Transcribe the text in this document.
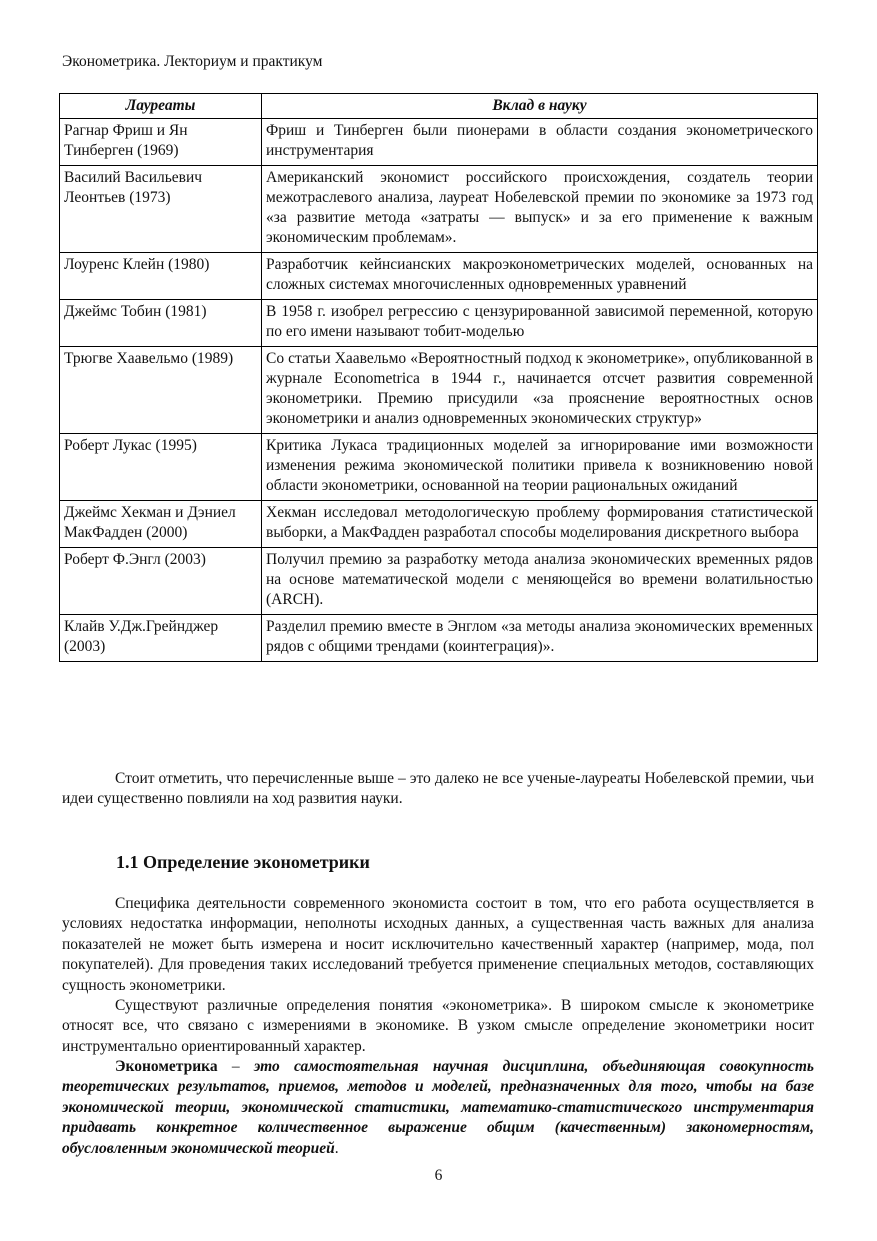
Эконометрика. Лекториум и практикум
Лауреаты	Вклад в науку
Рагнар Фриш и Ян Тинберген (1969)	Фриш и Тинберген были пионерами в области создания эконометрического инструментария
Василий Васильевич Леонтьев (1973)	Американский экономист российского происхождения, создатель теории межотраслевого анализа, лауреат Нобелевской премии по экономике за 1973 год «за развитие метода «затраты — выпуск» и за его применение к важным экономическим проблемам».
Лоуренс Клейн (1980)	Разработчик кейнсианских макроэконометрических моделей, основанных на сложных системах многочисленных одновременных уравнений
Джеймс Тобин (1981)	В 1958 г. изобрел регрессию с цензурированной зависимой переменной, которую по его имени называют тобит-моделью
Трюгве Хаавельмо (1989)	Со статьи Хаавельмо «Вероятностный подход к эконометрике», опубликованной в журнале Econometrica в 1944 г., начинается отсчет развития современной эконометрики. Премию присудили «за прояснение вероятностных основ эконометрики и анализ одновременных экономических структур»
Роберт Лукас (1995)	Критика Лукаса традиционных моделей за игнорирование ими возможности изменения режима экономической политики привела к возникновению новой области эконометрики, основанной на теории рациональных ожиданий
Джеймс Хекман и Дэниел МакФадден (2000)	Хекман исследовал методологическую проблему формирования статистической выборки, а МакФадден разработал способы моделирования дискретного выбора
Роберт Ф.Энгл (2003)	Получил премию за разработку метода анализа экономических временных рядов на основе математической модели с меняющейся во времени волатильностью (ARCH).
Клайв У.Дж.Грейнджер (2003)	Разделил премию вместе в Энглом «за методы анализа экономических временных рядов с общими трендами (коинтеграция)».

Стоит отметить, что перечисленные выше – это далеко не все ученые-лауреаты Нобелевской премии, чьи идеи существенно повлияли на ход развития науки.

1.1 Определение эконометрики

Специфика деятельности современного экономиста состоит в том, что его работа осуществляется в условиях недостатка информации, неполноты исходных данных, а существенная часть важных для анализа показателей не может быть измерена и носит исключительно качественный характер (например, мода, пол покупателей). Для проведения таких исследований требуется применение специальных методов, составляющих сущность эконометрики.

Существуют различные определения понятия «эконометрика». В широком смысле к эконометрике относят все, что связано с измерениями в экономике. В узком смысле определение эконометрики носит инструментально ориентированный характер.

Эконометрика – это самостоятельная научная дисциплина, объединяющая совокупность теоретических результатов, приемов, методов и моделей, предназначенных для того, чтобы на базе экономической теории, экономической статистики, математико-статистического инструментария придавать конкретное количественное выражение общим (качественным) закономерностям, обусловленным экономической теорией.

6
